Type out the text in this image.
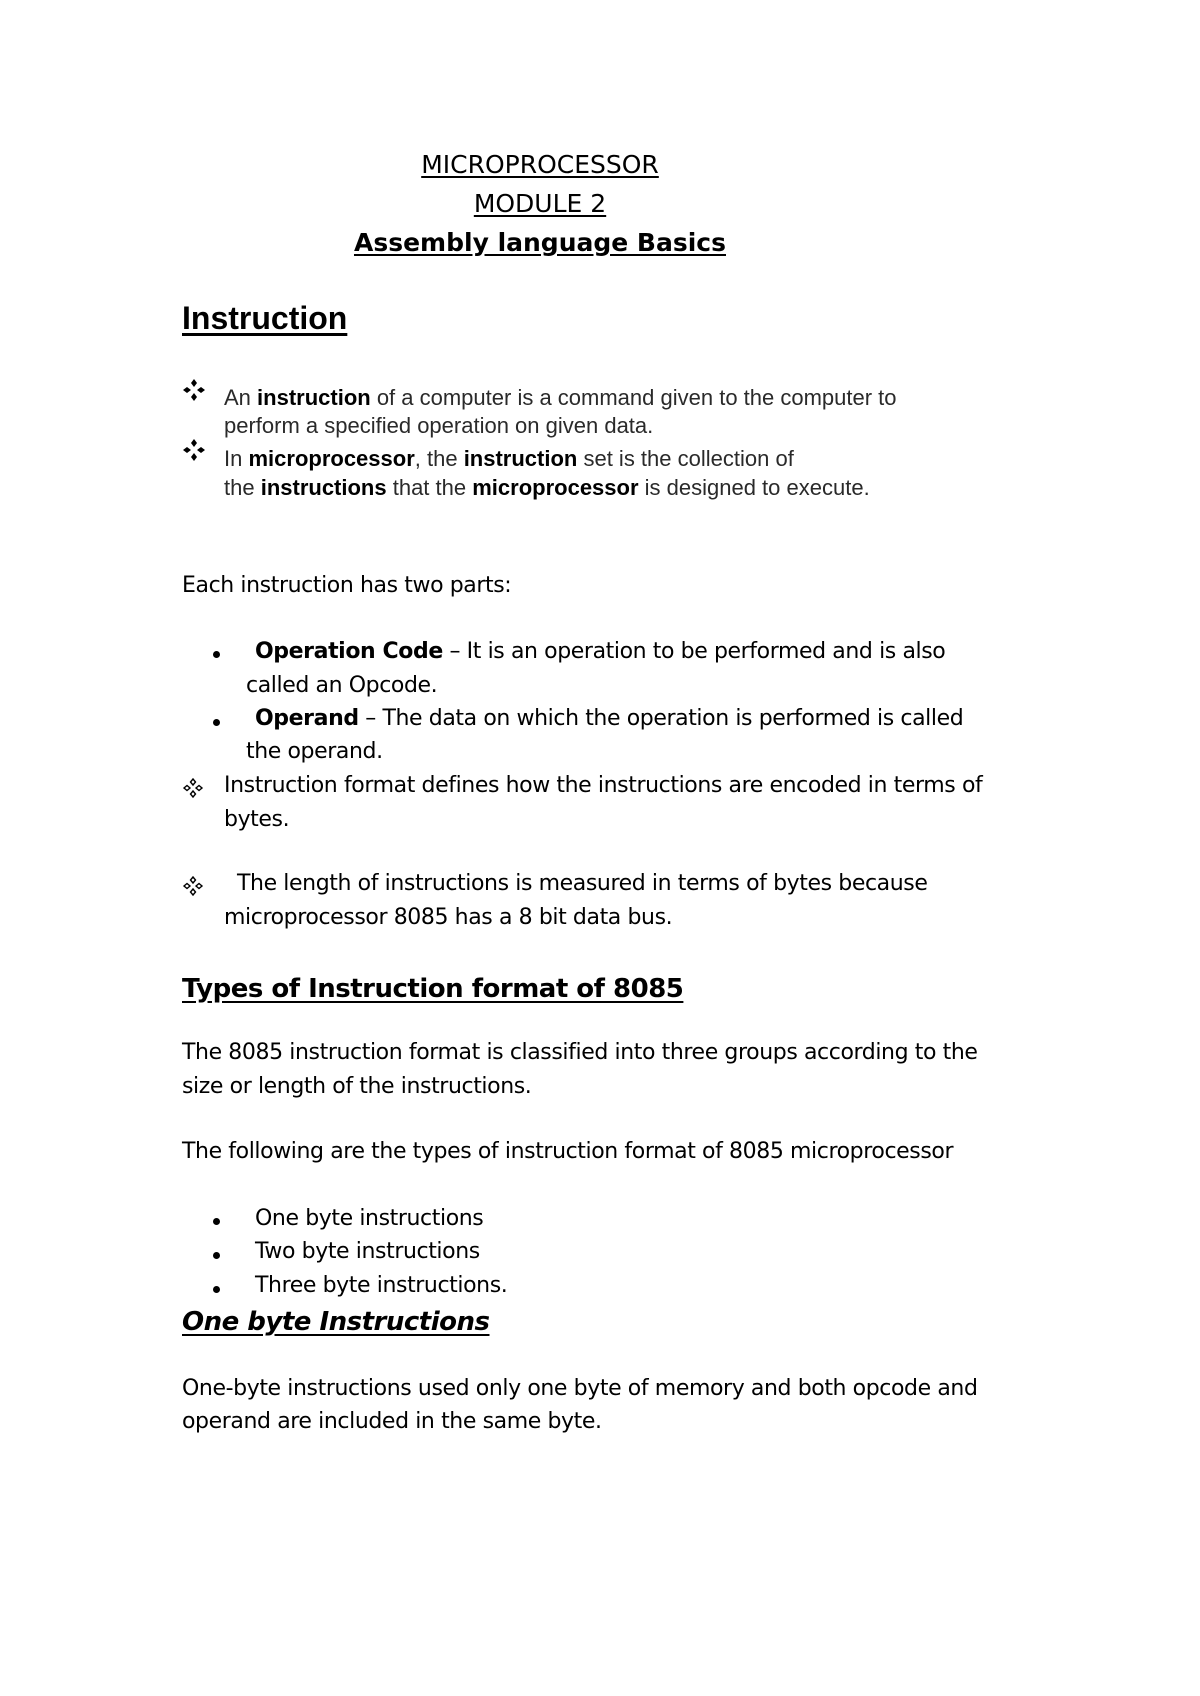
MICROPROCESSOR
MODULE 2
Assembly language Basics
Instruction
An instruction of a computer is a command given to the computer to
perform a specified operation on given data.
In microprocessor, the instruction set is the collection of
the instructions that the microprocessor is designed to execute.
Each instruction has two parts:
Operation Code – It is an operation to be performed and is also
called an Opcode.
Operand – The data on which the operation is performed is called
the operand.
Instruction format defines how the instructions are encoded in terms of
bytes.
The length of instructions is measured in terms of bytes because
microprocessor 8085 has a 8 bit data bus.
Types of Instruction format of 8085
The 8085 instruction format is classified into three groups according to the
size or length of the instructions.
The following are the types of instruction format of 8085 microprocessor
One byte instructions
Two byte instructions
Three byte instructions.
One byte Instructions
One-byte instructions used only one byte of memory and both opcode and
operand are included in the same byte.
